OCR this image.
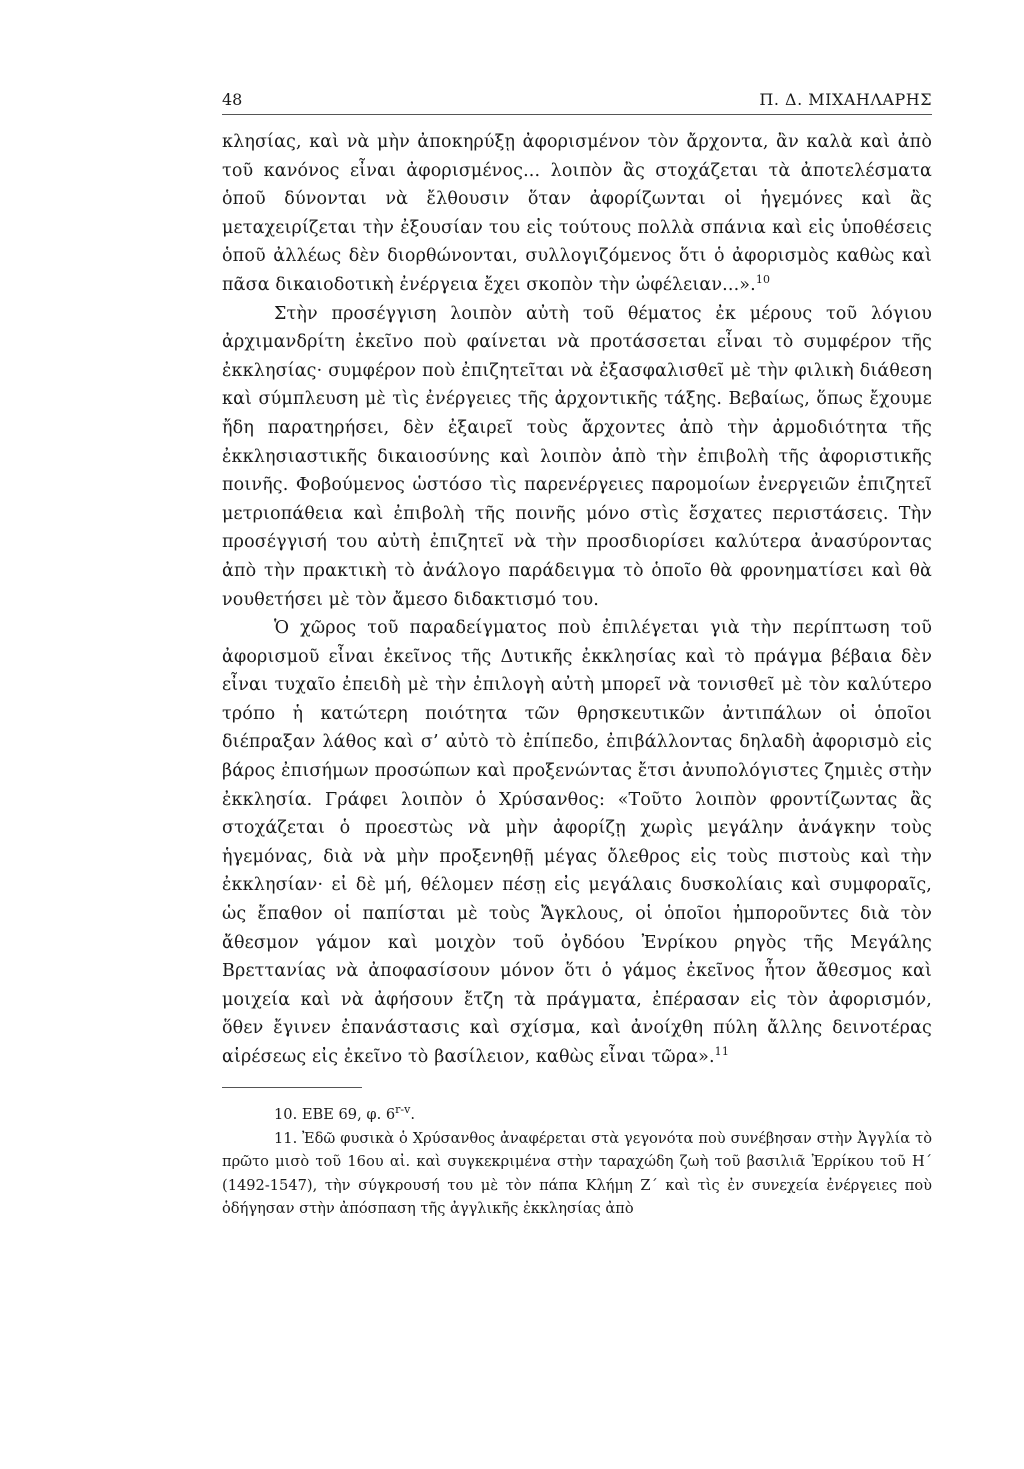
48	Π. Δ. ΜΙΧΑΗΛΑΡΗΣ

κλησίας, καὶ νὰ μὴν ἀποκηρύξῃ ἀφορισμένον τὸν ἄρχοντα, ἂν καλὰ καὶ ἀπὸ τοῦ κανόνος εἶναι ἀφορισμένος... λοιπὸν ἂς στοχάζεται τὰ ἀποτελέσματα ὁποῦ δύνονται νὰ ἔλθουσιν ὅταν ἀφορίζωνται οἱ ἡγεμόνες καὶ ἂς μεταχειρίζεται τὴν ἐξουσίαν του εἰς τούτους πολλὰ σπάνια καὶ εἰς ὑποθέσεις ὁποῦ ἀλλέως δὲν διορθώνονται, συλλογιζόμενος ὅτι ὁ ἀφορισμὸς καθὼς καὶ πᾶσα δικαιοδοτικὴ ἐνέργεια ἔχει σκοπὸν τὴν ὠφέλειαν...».$^{10}$

Στὴν προσέγγιση λοιπὸν αὐτὴ τοῦ θέματος ἐκ μέρους τοῦ λόγιου ἀρχιμανδρίτη ἐκεῖνο ποὺ φαίνεται νὰ προτάσσεται εἶναι τὸ συμφέρον τῆς ἐκκλησίας· συμφέρον ποὺ ἐπιζητεῖται νὰ ἐξασφαλισθεῖ μὲ τὴν φιλικὴ διάθεση καὶ σύμπλευση μὲ τὶς ἐνέργειες τῆς ἀρχοντικῆς τάξης. Βεβαίως, ὅπως ἔχουμε ἤδη παρατηρήσει, δὲν ἐξαιρεῖ τοὺς ἄρχοντες ἀπὸ τὴν ἀρμοδιότητα τῆς ἐκκλησιαστικῆς δικαιοσύνης καὶ λοιπὸν ἀπὸ τὴν ἐπιβολὴ τῆς ἀφοριστικῆς ποινῆς. Φοβούμενος ὡστόσο τὶς παρενέργειες παρομοίων ἐνεργειῶν ἐπιζητεῖ μετριοπάθεια καὶ ἐπιβολὴ τῆς ποινῆς μόνο στὶς ἔσχατες περιστάσεις. Τὴν προσέγγισή του αὐτὴ ἐπιζητεῖ νὰ τὴν προσδιορίσει καλύτερα ἀνασύροντας ἀπὸ τὴν πρακτικὴ τὸ ἀνάλογο παράδειγμα τὸ ὁποῖο θὰ φρονηματίσει καὶ θὰ νουθετήσει μὲ τὸν ἄμεσο διδακτισμό του.

Ὁ χῶρος τοῦ παραδείγματος ποὺ ἐπιλέγεται γιὰ τὴν περίπτωση τοῦ ἀφορισμοῦ εἶναι ἐκεῖνος τῆς Δυτικῆς ἐκκλησίας καὶ τὸ πράγμα βέβαια δὲν εἶναι τυχαῖο ἐπειδὴ μὲ τὴν ἐπιλογὴ αὐτὴ μπορεῖ νὰ τονισθεῖ μὲ τὸν καλύτερο τρόπο ἡ κατώτερη ποιότητα τῶν θρησκευτικῶν ἀντιπάλων οἱ ὁποῖοι διέπραξαν λάθος καὶ σ’ αὐτὸ τὸ ἐπίπεδο, ἐπιβάλλοντας δηλαδὴ ἀφορισμὸ εἰς βάρος ἐπισήμων προσώπων καὶ προξενώντας ἔτσι ἀνυπολόγιστες ζημιὲς στὴν ἐκκλησία. Γράφει λοιπὸν ὁ Χρύσανθος: «Τοῦτο λοιπὸν φροντίζωντας ἂς στοχάζεται ὁ προεστὼς νὰ μὴν ἀφορίζῃ χωρὶς μεγάλην ἀνάγκην τοὺς ἡγεμόνας, διὰ νὰ μὴν προξενηθῇ μέγας ὄλεθρος εἰς τοὺς πιστοὺς καὶ τὴν ἐκκλησίαν· εἰ δὲ μή, θέλομεν πέσῃ εἰς μεγάλαις δυσκολίαις καὶ συμφοραῖς, ὡς ἔπαθον οἱ παπίσται μὲ τοὺς Ἄγκλους, οἱ ὁποῖοι ἠμποροῦντες διὰ τὸν ἄθεσμον γάμον καὶ μοιχὸν τοῦ ὀγδόου Ἐνρίκου ρηγὸς τῆς Μεγάλης Βρεττανίας νὰ ἀποφασίσουν μόνον ὅτι ὁ γάμος ἐκεῖνος ἦτον ἄθεσμος καὶ μοιχεία καὶ νὰ ἀφήσουν ἔτζη τὰ πράγματα, ἐπέρασαν εἰς τὸν ἀφορισμόν, ὅθεν ἔγινεν ἐπανάστασις καὶ σχίσμα, καὶ ἀνοίχθη πύλη ἄλλης δεινοτέρας αἱρέσεως εἰς ἐκεῖνο τὸ βασίλειον, καθὼς εἶναι τῶρα».$^{11}$

10. ΕΒΕ 69, φ. 6$^{r-v}$.

11. Ἐδῶ φυσικὰ ὁ Χρύσανθος ἀναφέρεται στὰ γεγονότα ποὺ συνέβησαν στὴν Ἀγγλία τὸ πρῶτο μισὸ τοῦ 16ου αἰ. καὶ συγκεκριμένα στὴν ταραχώδη ζωὴ τοῦ βασιλιᾶ Ἐρρίκου τοῦ Η΄ (1492-1547), τὴν σύγκρουσή του μὲ τὸν πάπα Κλήμη Ζ΄ καὶ τὶς ἐν συνεχεία ἐνέργειες ποὺ ὁδήγησαν στὴν ἀπόσπαση τῆς ἀγγλικῆς ἐκκλησίας ἀπὸ
